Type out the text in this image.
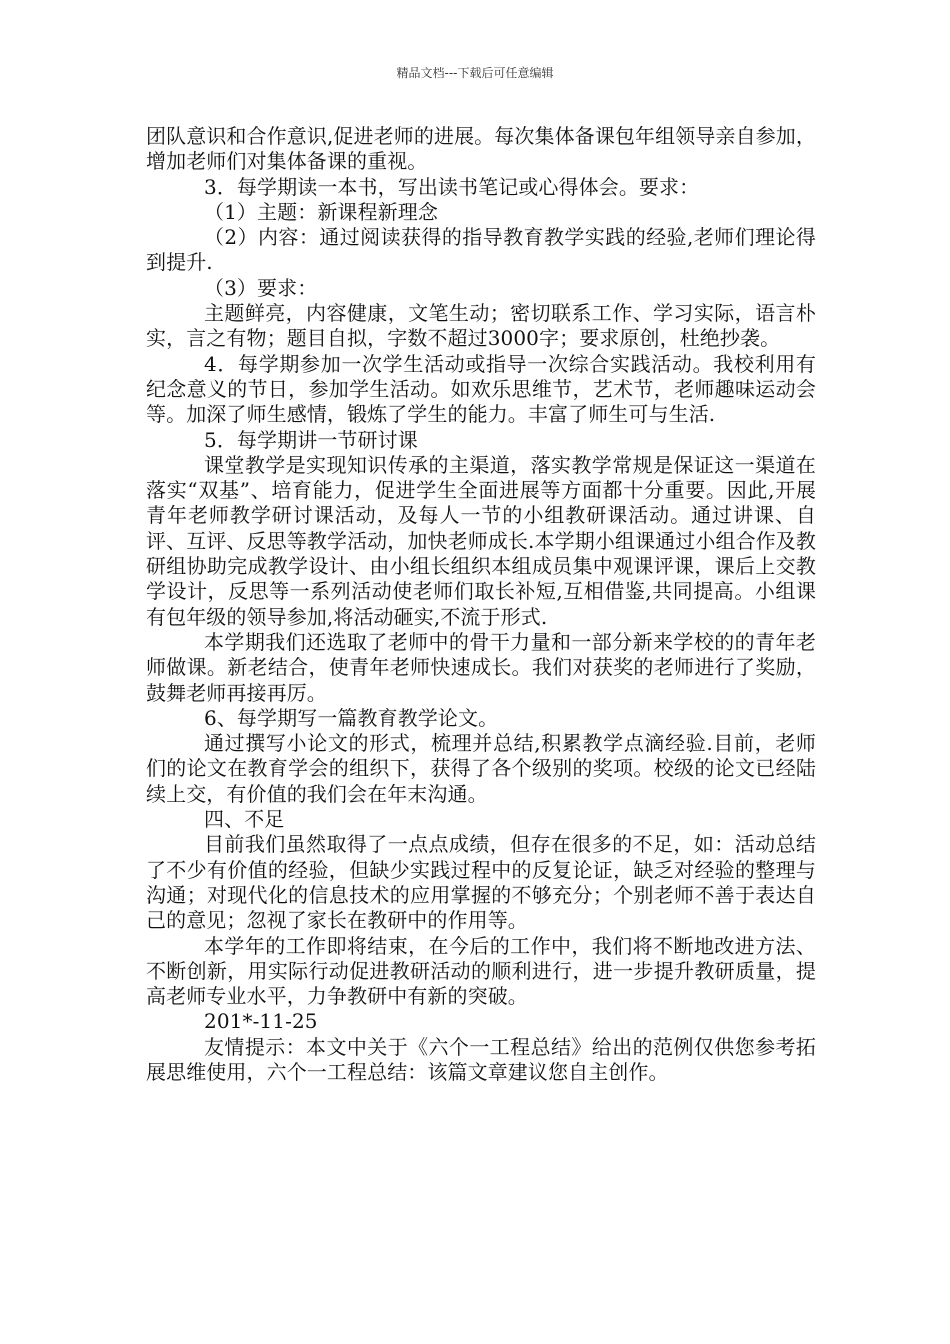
精品文档---下载后可任意编辑

团队意识和合作意识,促进老师的进展。每次集体备课包年组领导亲自参加，增加老师们对集体备课的重视。

3．每学期读一本书，写出读书笔记或心得体会。要求：

（1）主题：新课程新理念

（2）内容：通过阅读获得的指导教育教学实践的经验,老师们理论得到提升.

（3）要求：

主题鲜亮，内容健康，文笔生动；密切联系工作、学习实际，语言朴实，言之有物；题目自拟，字数不超过3000字；要求原创，杜绝抄袭。

4．每学期参加一次学生活动或指导一次综合实践活动。我校利用有纪念意义的节日，参加学生活动。如欢乐思维节，艺术节，老师趣味运动会等。加深了师生感情，锻炼了学生的能力。丰富了师生可与生活.

5．每学期讲一节研讨课

课堂教学是实现知识传承的主渠道，落实教学常规是保证这一渠道在落实“双基”、培育能力，促进学生全面进展等方面都十分重要。因此,开展青年老师教学研讨课活动，及每人一节的小组教研课活动。通过讲课、自评、互评、反思等教学活动，加快老师成长.本学期小组课通过小组合作及教研组协助完成教学设计、由小组长组织本组成员集中观课评课，课后上交教学设计，反思等一系列活动使老师们取长补短,互相借鉴,共同提高。小组课有包年级的领导参加,将活动砸实,不流于形式.

本学期我们还选取了老师中的骨干力量和一部分新来学校的的青年老师做课。新老结合，使青年老师快速成长。我们对获奖的老师进行了奖励，鼓舞老师再接再厉。

6、每学期写一篇教育教学论文。

通过撰写小论文的形式，梳理并总结,积累教学点滴经验.目前，老师们的论文在教育学会的组织下，获得了各个级别的奖项。校级的论文已经陆续上交，有价值的我们会在年末沟通。

四、不足

目前我们虽然取得了一点点成绩，但存在很多的不足，如：活动总结了不少有价值的经验，但缺少实践过程中的反复论证，缺乏对经验的整理与沟通；对现代化的信息技术的应用掌握的不够充分；个别老师不善于表达自己的意见；忽视了家长在教研中的作用等。

本学年的工作即将结束，在今后的工作中，我们将不断地改进方法、不断创新，用实际行动促进教研活动的顺利进行，进一步提升教研质量，提高老师专业水平，力争教研中有新的突破。

201*-11-25

友情提示：本文中关于《六个一工程总结》给出的范例仅供您参考拓展思维使用，六个一工程总结：该篇文章建议您自主创作。
